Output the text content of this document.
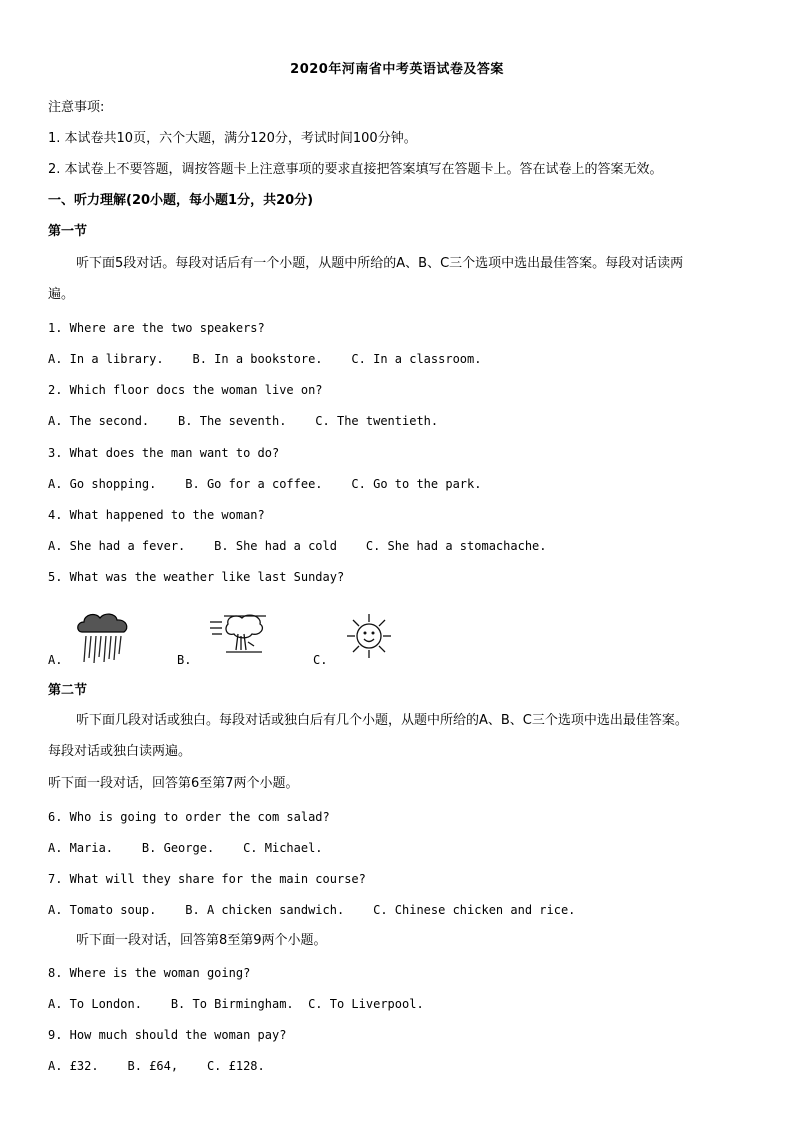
2020年河南省中考英语试卷及答案
注意事项:
1. 本试卷共10页，六个大题，满分120分，考试时间100分钟。
2. 本试卷上不要答题，调按答题卡上注意事项的要求直接把答案填写在答题卡上。答在试卷上的答案无效。
一、听力理解(20小题，每小题1分，共20分)
第一节
听下面5段对话。每段对话后有一个小题，从题中所给的A、B、C三个选项中选出最佳答案。每段对话读两
遍。
1. Where are the two speakers?
A. In a library.    B. In a bookstore.    C. In a classroom.
2. Which floor docs the woman live on?
A. The second.    B. The seventh.    C. The twentieth.
3. What does the man want to do?
A. Go shopping.    B. Go for a coffee.    C. Go to the park.
4. What happened to the woman?
A. She had a fever.    B. She had a cold    C. She had a stomachache.
5. What was the weather like last Sunday?
A.	B.	C.
第二节
听下面几段对话或独白。每段对话或独白后有几个小题，从题中所给的A、B、C三个选项中选出最佳答案。
每段对话或独白读两遍。
听下面一段对话，回答第6至第7两个小题。
6. Who is going to order the com salad?
A. Maria.    B. George.    C. Michael.
7. What will they share for the main course?
A. Tomato soup.    B. A chicken sandwich.    C. Chinese chicken and rice.
听下面一段对话，回答第8至第9两个小题。
8. Where is the woman going?
A. To London.    B. To Birmingham.  C. To Liverpool.
9. How much should the woman pay?
A. £32.    B. £64,    C. £128.
